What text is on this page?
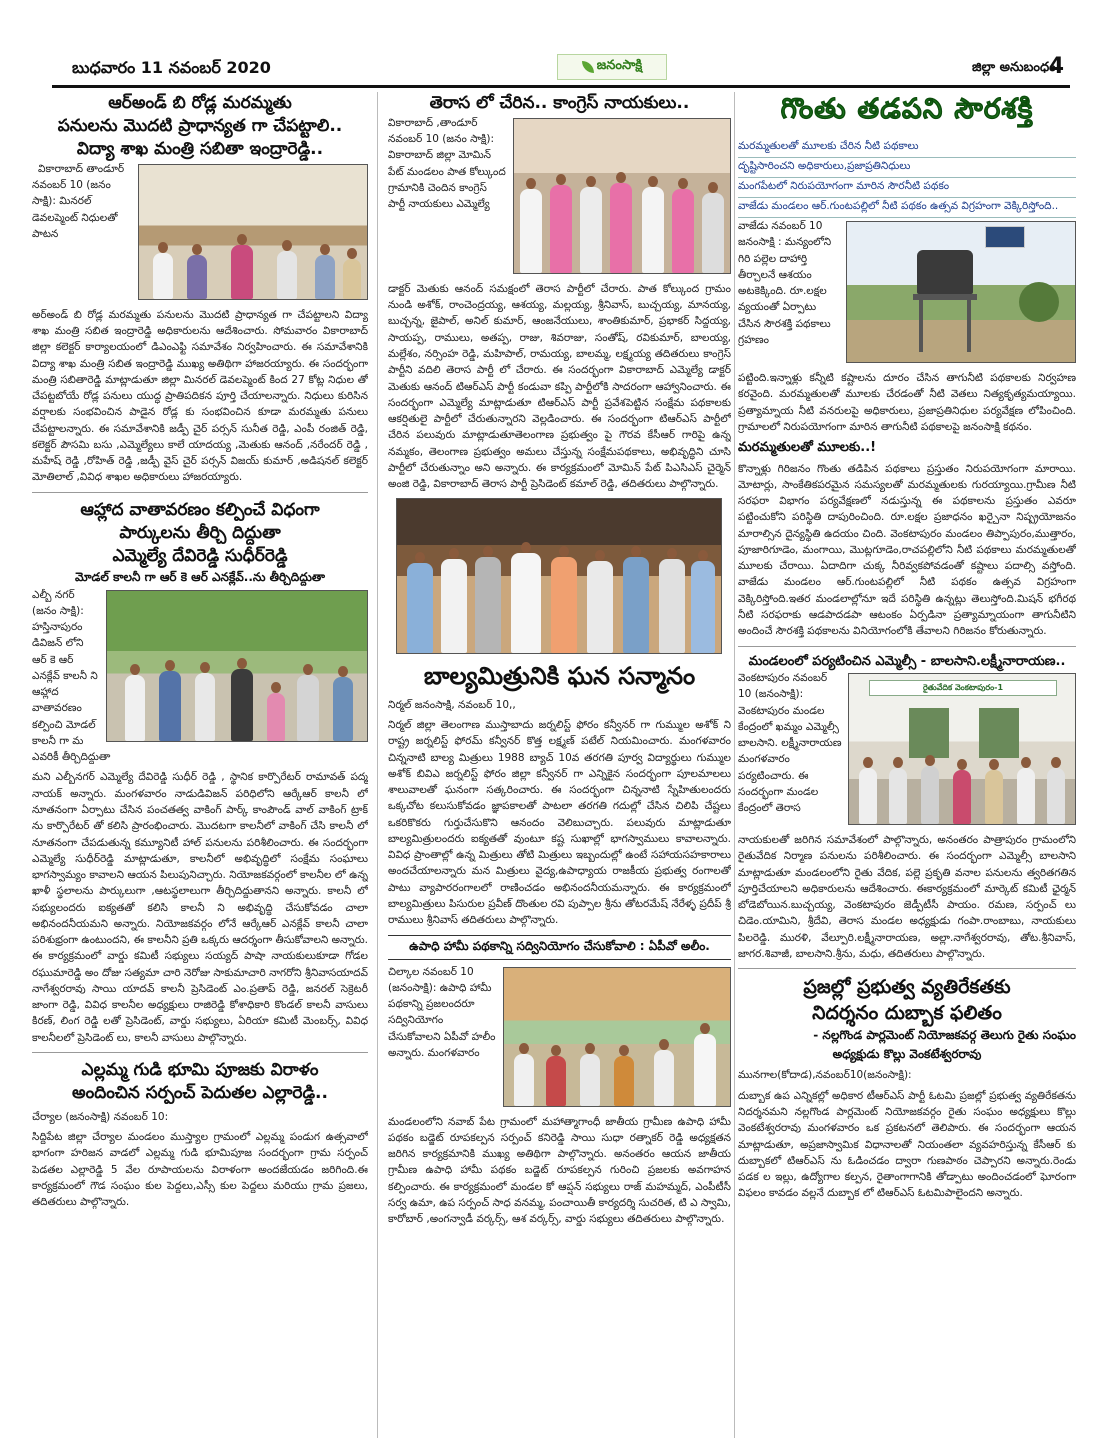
బుధవారం 11 నవంబర్ 2020	జనంసాక్షి	జిల్లా అనుబంధం
4
ఆర్‌అండ్‌ బి రోడ్ల మరమ్మతు
పనులను మొదటి ప్రాధాన్యత గా చేపట్టాలి..
విద్యా శాఖ మంత్రి సబితా ఇంద్రారెడ్డి..
వికారాబాద్ తాండూర్ నవంబర్ 10 (జనం సాక్షి): మినరల్ డెవలప్మెంట్ నిధులతో పాటన
అర్‌అండ్‌ బి రోడ్ల మరమ్మతు పనులను మొదటి ప్రాధాన్యత గా చేపట్టాలని విద్యా శాఖ మంత్రి సబిత ఇంద్రారెడ్డి అధికారులను ఆదేశించారు. సోమవారం వికారాబాద్ జిల్లా కలెక్టర్ కార్యాలయంలో డిఎంఎఫ్టి సమావేశం నిర్వహించారు. ఈ సమావేశానికి విద్యా శాఖ మంత్రి సబిత ఇంద్రారెడ్డి ముఖ్య అతిథిగా హాజరయ్యారు. ఈ సందర్భంగా మంత్రి సబితారెడ్డి మాట్లాడుతూ జిల్లా మినరల్ డెవలప్మెంట్ కింద 27 కోట్ల నిధుల తో చేపట్టబోయే రోడ్ల పనులు యుద్ధ ప్రాతిపదికన పూర్తి చేయాలన్నారు. నిధులు కురిసిన వర్షాలకు సంభవించిన పాడైన రోడ్ల కు సంభవించిన కూడా మరమ్మతు పనులు చేపట్టాలన్నారు. ఈ సమావేశానికి జడ్పీ చైర్ పర్సన్ సునీత రెడ్డి, ఎంపీ రంజిత్ రెడ్డి, కలెక్టర్ పౌసమి బసు ,ఎమ్మెల్యేలు కాలే యాదయ్య ,మెతుకు ఆనంద్ ,నరేందర్ రెడ్డి , మహేష్ రెడ్డి ,రోహిత్ రెడ్డి ,జడ్పీ వైస్ చైర్ పర్సన్ విజయ్ కుమార్ ,అడిషనల్ కలెక్టర్ మోతిలాల్ ,వివిధ శాఖల అధికారులు హాజరయ్యారు.
ఆహ్లాద వాతావరణం కల్పించే విధంగా
పార్కులను తీర్చి దిద్దుతా
ఎమ్మెల్యే దేవిరెడ్డి సుధీర్‌రెడ్డి
మోడల్ కాలనీ గా ఆర్ కె ఆర్ ఎనక్లేవ్..ను తీర్చిదిద్దుతా
ఎల్బీ నగర్ (జనం సాక్షి): హస్తినాపురం డివిజన్ లోని ఆర్ కె ఆర్ ఎనక్లేవ్ కాలనీ ని ఆహ్లాద వాతావరణం కల్పించి మోడల్ కాలనీ గా మ ఎవరికీ తీర్చిదిద్దుతా
మని ఎల్బీనగర్ ఎమ్మెల్యే దేవిరెడ్డి సుధీర్ రెడ్డి , స్థానిక కార్పొరేటర్ రామావత్ పద్మ నాయక్ అన్నారు. మంగళవారం నాడుడివిజన్ పరిధిలోని ఆర్కేఆర్ కాలనీ లో నూతనంగా ఏర్పాటు చేసిన పంచతత్వ వాకింగ్ పార్క్ కాంపౌండ్ వాల్ వాకింగ్ ట్రాక్ ను కార్పొరేటర్ తో కలిసి ప్రారంభించారు. మొదటగా కాలనీలో వాకింగ్ చేసి కాలనీ లో నూతనంగా చేపడుతున్న కమ్యూనిటీ హాల్ పనులను పరిశీలించారు. ఈ సందర్భంగా ఎమ్మెల్యే సుధీర్‌రెడ్డి మాట్లాడుతూ, కాలనీలో అభివృద్ధిలో సంక్షేమ సంఘాలు భాగస్వామ్యం కావాలని ఆయన పిలుపునిచ్చారు. నియోజకవర్గంలో కాలనీల లో ఉన్న ఖాళీ స్థలాలను పార్కులుగా ,ఆటస్థలాలుగా తీర్చిదిద్దుతానని అన్నారు. కాలనీ లో సభ్యులందరు ఐక్యతతో కలిసి కాలనీ ని అభివృద్ధి చేసుకోవడం చాలా అభినందనీయమని అన్నారు. నియోజకవర్గం లోనే ఆర్కేఆర్ ఎనక్లేవ్ కాలనీ చాలా పరిశుభ్రంగా ఉంటుందని, ఈ కాలనీని ప్రతి ఒక్కరు ఆదర్శంగా తీసుకోవాలని అన్నారు. ఈ కార్యక్రమంలో వార్డు కమిటీ సభ్యులు సయ్యద్ పాషా నాయకులుకూడా గోడల రఘుమారెడ్డి అం దోజు సత్యమా చారి నెరోజు సాకుమాచారి నాగరోని శ్రీనివాసయాదవ్ నాగేశ్వరరావు సాయి యాదవ్ కాలనీ ప్రెసిడెంట్ ఎం.ప్రతాప్ రెడ్డి, జనరల్ సెక్రెటరీ జాంగా రెడ్డి, వివిధ కాలనీల అధ్యక్షులు రాజిరెడ్డి కోశాధికారి కొండల్ కాలనీ వాసులు కిరణ్, లింగ రెడ్డి లతో ప్రెసిడెంట్, వార్డు సభ్యులు, ఏరియా కమిటీ మెంబర్స్, వివిధ కాలనీలలో ప్రెసిడెంట్ లు, కాలనీ వాసులు పాల్గొన్నారు.
ఎల్లమ్మ గుడి భూమి పూజకు విరాళం
అందించిన సర్పంచ్ పెదుతల ఎల్లారెడ్డి..
చేర్యాల (జనంసాక్షి) నవంబర్ 10:
సిద్దిపేట జిల్లా చేర్యాల మండలం ముస్త్యాల గ్రామంలో ఎల్లమ్మ పండుగ ఉత్సవాలో భాగంగా హరిజన వాడలో ఎల్లమ్మ గుడి భూమిపూజ సందర్భంగా గ్రామ సర్పంచ్ పెడతల ఎల్లారెడ్డి 5 వేల రూపాయలను విరాళంగా అందజేయడం జరిగింది.ఈ కార్యక్రమంలో గౌడ సంఘం కుల పెద్దలు,ఎస్సీ కుల పెద్దలు మరియు గ్రామ ప్రజలు, తదితరులు పాల్గొన్నారు.
తెరాస లో చేరిన.. కాంగ్రెస్ నాయకులు..
వికారాబాద్ ,తాండూర్ నవంబర్ 10 (జనం సాక్షి): వికారాబాద్ జిల్లా మోమిన్ పేట్ మండలం పాత కోల్కుంద గ్రామానికి చెందిన కాంగ్రెస్ పార్టీ నాయకులు ఎమ్మెల్యే
డాక్టర్ మెతుకు ఆనంద్ సమక్షంలో తెరాస పార్టీలో చేరారు. పాత కోల్కుంద గ్రామం నుండి అశోక్, రాంచెంద్రయ్య, ఆశయ్య, మల్లయ్య, శ్రీనివాస్, బుచ్చయ్య, మానయ్య, బుచ్చన్న, జైపాల్, అనిల్ కుమార్, ఆంజనేయులు, శాంతికుమార్, ప్రభాకర్ సిద్దయ్య, సాయప్ప, రాములు, అతప్ప, రాజు, శివరాజు, సంతోష్, రవికుమార్, బాలయ్య, మల్లేశం, నర్సింహ రెడ్డి, మహిపాల్, రామయ్య, బాలమ్మ, లక్ష్మయ్య తదితరులు కాంగ్రెస్ పార్టీని వదిలి తెరాస పార్టీ లో చేరారు. ఈ సందర్భంగా వికారాబాద్ ఎమ్మెల్యే డాక్టర్ మెతుకు ఆనంద్ టిఆర్ఎస్ పార్టీ కండువా కప్పి పార్టీలోకి సాదరంగా ఆహ్వానించారు. ఈ సందర్భంగా ఎమ్మెల్యే మాట్లాడుతూ టిఆర్ఎస్ పార్టీ ప్రవేశపెట్టిన సంక్షేమ పథకాలకు ఆకర్షితులై పార్టీలో చేరుతున్నారని వెల్లడించారు. ఈ సందర్భంగా టిఆర్ఎస్ పార్టీలో చేరిన పలువురు మాట్లాడుతూతెలంగాణ ప్రభుత్వం పై గౌరవ కేసీఆర్ గారిపై ఉన్న నమ్మకం, తెలంగాణ ప్రభుత్వం అమలు చేస్తున్న సంక్షేమపథకాలు, అభివృద్ధిని చూసి పార్టీలో చేరుతున్నాం అని అన్నారు. ఈ కార్యక్రమంలో మోమిన్ పేట్ పిఎసిఎస్ చైర్మెన్ అంజి రెడ్డి, వికారాబాద్ తెరాస పార్టీ ప్రెసిడెంట్ కమాల్ రెడ్డి, తదితరులు పాల్గొన్నారు.
బాల్యమిత్రునికి ఘన సన్మానం
నిర్మల్ జనంసాక్షి, నవంబర్ 10,,
నిర్మల్ జిల్లా తెలంగాణ ముస్తాబాదు జర్నలిస్ట్ ఫోరం కన్వీనర్ గా గుమ్ముల అశోక్ ని రాష్ట్ర జర్నలిస్ట్ ఫోరమ్ కన్వీనర్ కొత్త లక్ష్మణ్ పటేల్ నియమించారు. మంగళవారం చిన్ననాటి బాల్య మిత్రులు 1988 బ్యాచ్ 10వ తరగతి పూర్వ విద్యార్థులు గుమ్ముల అశోక్ బివిఎ జర్నలిస్ట్ ఫోరం జిల్లా కన్వీనర్ గా ఎన్నికైన సందర్భంగా పూలమాలలు శాలువాలతో ఘనంగా సత్కరించారు. ఈ సందర్భంగా చిన్ననాటి స్నేహితులందరు ఒక్కచోట కలుసుకోవడం జ్ఞాపకాలతో పాటలా తరగతి గదుల్లో చేసిన చిలిపి చేష్టలు ఒకరికొకరు గుర్తుచేసుకొని ఆనందం వెలిబుచ్చారు. పలువురు మాట్లాడుతూ బాల్యమిత్రులందరు ఐక్యతతో వుంటూ కష్ట సుఖాల్లో భాగస్వాములు కావాలన్నారు. వివిధ ప్రాంతాల్లో ఉన్న మిత్రులు తోటి మిత్రులు ఇబ్బందుల్లో ఉంటే సహాయసహకారాలు అందచేయాలన్నారు మన మిత్రులు వైద్య,ఉపాధ్యాయ రాజకీయ ప్రభుత్వ రంగాలతో పాటు వ్యాపారరంగాలలో రాణించడం అభినందనీయమన్నారు. ఈ కార్యక్రమంలో బాల్యమిత్రులు పిసురుల ప్రవీణ్ దొంతుల రవి పుప్పాల శ్రీను తోటరమేష్ నేరేళ్ళ ప్రదీప్ శ్రీ రాములు శ్రీనివాస్ తదితరులు పాల్గొన్నారు.
ఉపాధి హామీ పథకాన్ని సద్వినియోగం చేసుకోవాలి : ఏపీవో అలీం.
చిల్కాల నవంబర్ 10 (జనంసాక్షి): ఉపాధి హామీ పథకాన్ని ప్రజలందరూ సద్వినియోగం చేసుకోవాలని ఏపీవో హలీం అన్నారు. మంగళవారం
మండలంలోని నవాబ్ పేట గ్రామంలో మహాత్మాగాంధీ జాతీయ గ్రామీణ ఉపాధి హామీ పథకం బడ్జెట్ రూపకల్పన సర్పంచ్ కనిరెడ్డి సాయి సుధా రత్నాకర్ రెడ్డి అధ్యక్షతన జరిగిన కార్యక్రమానికి ముఖ్య అతిథిగా పాల్గొన్నారు. అనంతరం ఆయన జాతీయ గ్రామీణ ఉపాధి హామీ పథకం బడ్జెట్ రూపకల్పన గురించి ప్రజలకు అవగాహన కల్పించారు. ఈ కార్యక్రమంలో మండల కో ఆప్షన్ సభ్యులు రాజ్ మహమ్మద్, ఎంపీటీసీ సర్వ ఉమా, ఉప సర్పంచ్ సాధ వనమ్మ, పంచాయితీ కార్యదర్శి సుచరిత, టి ఎ స్వామి, కారోబార్ ,అంగన్వాడీ వర్కర్స్, ఆశ వర్కర్స్, వార్డు సభ్యులు తదితరులు పాల్గొన్నారు.
గొంతు తడపని సౌరశక్తి
మరమ్మతులతో మూలకు చేరిన నీటి పథకాలు
దృష్టిసారించని అధికారులు,ప్రజాప్రతినిధులు
మంగపేటలో నిరుపయోగంగా మారిన సౌరనీటి పథకం
వాజేడు మండలం ఆర్.గుంటపల్లిలో నీటి పథకం ఉత్సవ విగ్రహంగా వెక్కిరిస్తోంది..
వాజేడు నవంబర్ 10 జనంసాక్షి : మన్యంలోని గిరి పల్లెల దాహార్తి తీర్చాలనే ఆశయం అటకెక్కింది. రూ.లక్షల వ్యయంతో ఏర్పాటు చేసిన సౌరశక్తి పథకాలు గ్రహణం
పట్టింది.ఇన్నాళ్లు కన్నీటి కష్టాలను దూరం చేసిన తాగునీటి పథకాలకు నిర్వహణ కరవైంది. మరమ్మతులతో మూలకు చేరడంతో నీటి వెతలు నిత్యకృత్యమయ్యాయి. ప్రత్యామ్నాయ నీటి వనరులపై అధికారులు, ప్రజాప్రతినిధుల పర్యవేక్షణ లోపించింది. గ్రామాలలో నిరుపయోగంగా మారిన తాగునీటి పథకాలపై జనంసాక్షి కథనం.
మరమ్మతులతో మూలకు..!
కొన్నాళ్లు గిరిజనం గొంతు తడిపిన పథకాలు ప్రస్తుతం నిరుపయోగంగా మారాయి. మోటార్లు, సాంకేతికపరమైన సమస్యలతో మరమ్మతులకు గురయ్యాయి.గ్రామీణ నీటి సరఫరా విభాగం పర్యవేక్షణలో నడుస్తున్న ఈ పథకాలను ప్రస్తుతం ఎవరూ పట్టించుకోని పరిస్థితి దాపురించింది. రూ.లక్షల ప్రజాధనం ఖర్చైనా నిష్ప్రయోజనం మారాల్సిన దైన్యస్థితి ఉదయం చింది. వెంకటాపురం మండలం తిప్పాపురం,ముత్తారం, పూజారిగూడెం, మంగాయి, మొట్లగూడెం,రాచపల్లిలోని నీటి పథకాలు మరమ్మతులతో మూలకు చేరాయి. ఏదాదిగా చుక్క నీరివ్వకపోవడంతో కష్టాలు పదాల్సి వస్తోంది. వాజేడు మండలం ఆర్.గుంటపల్లిలో నీటి పథకం ఉత్సవ విగ్రహంగా వెక్కిరిస్తోంది.ఇతర మండలాల్లోనూ ఇదే పరిస్థితి ఉన్నట్లు తెలుస్తోంది.మిషన్ భగీరథ నీటి సరఫరాకు ఆడపాదడపా ఆటంకం ఏర్పడినా ప్రత్యామ్నాయంగా తాగునీటిని అందించే సౌరశక్తి పథకాలను వినియోగంలోకి తేవాలని గిరిజనం కోరుతున్నారు.
మండలంలో పర్యటించిన ఎమ్మెల్సీ - బాలసాని.లక్ష్మీనారాయణ..
రైతువేదిక వెంకటాపురం-1
వెంకటాపురం నవంబర్ 10 (జనంసాక్షి): వెంకటాపురం మండల కేంద్రంలో ఖమ్మం ఎమ్మెల్సీ బాలసాని. లక్ష్మీనారాయణ మంగళవారం పర్యటించారు. ఈ సందర్భంగా మండల కేంద్రంలో తెరాస
నాయకులతో జరిగిన సమావేశంలో పాల్గొన్నారు, అనంతరం పాత్రాపురం గ్రామంలోని రైతువేదిక నిర్మాణ పనులను పరిశీలించారు. ఈ సందర్భంగా ఎమ్మెల్సీ బాలసాని మాట్లాడుతూ మండలంలోని రైతు వేదిక, పల్లె ప్రకృతి వనాల పనులను త్వరితగతిన పూర్తిచేయాలని అధికారులను ఆదేశించారు. ఈకార్యక్రమంలో మార్కెట్ కమిటీ ఛైర్మన్ బోడెబోయిన.బుచ్చయ్య, వెంకటాపురం జెడ్పీటీసీ పాయం. రమణ, సర్పంచ్ లు చిడెం.యామిని, శ్రీదేవి, తెరాస మండల అధ్యక్షుడు గంపా.రాంబాబు, నాయకులు పిలరెడ్డి. మురళి, వేల్పూరి.లక్ష్మీనారాయణ, అల్లా.నాగేశ్వరరావు, తోట.శ్రీనివాస్, జాగర.శివాజీ, బాలసాని.శ్రీను, మధు, తదితరులు పాల్గొన్నారు.
ప్రజల్లో ప్రభుత్వ వ్యతిరేకతకు
నిదర్శనం దుబ్బాక ఫలితం
- నల్లగొండ పార్లమెంట్ నియోజకవర్గ తెలుగు రైతు సంఘం
అధ్యక్షుడు కొల్లు వెంకటేశ్వరరావు
మునగాల(కోదాడ),నవంబర్10(జనంసాక్షి):
దుబ్బాక ఉప ఎన్నికల్లో అధికార టీఆర్ఎస్ పార్టీ ఓటమి ప్రజల్లో ప్రభుత్వ వ్యతిరేకతను నిదర్శనమని నల్లగొండ పార్లమెంట్ నియోజకవర్గం రైతు సంఘం అధ్యక్షులు కొల్లు వెంకటేశ్వరరావు మంగళవారం ఒక ప్రకటనలో తెలిపారు. ఈ సందర్భంగా ఆయన మాట్లాడుతూ, అప్రజాస్వామిక విధానాలతో నియంతలా వ్యవహరిస్తున్న కేసీఆర్ కు దుబ్బాకలో టిఆర్ఎస్ ను ఓడించడం ద్వారా గుణపాఠం చెప్పారని అన్నారు.రెండు పడక ల ఇల్లు, ఉద్యోగాల కల్పన, రైతాంగాగానికి తోడ్పాటు అందించడంలో ఘోరంగా విఫలం కావడం వల్లనే దుబ్బాక లో టిఆర్ఎస్ ఓటమిపాలైందని అన్నారు.
